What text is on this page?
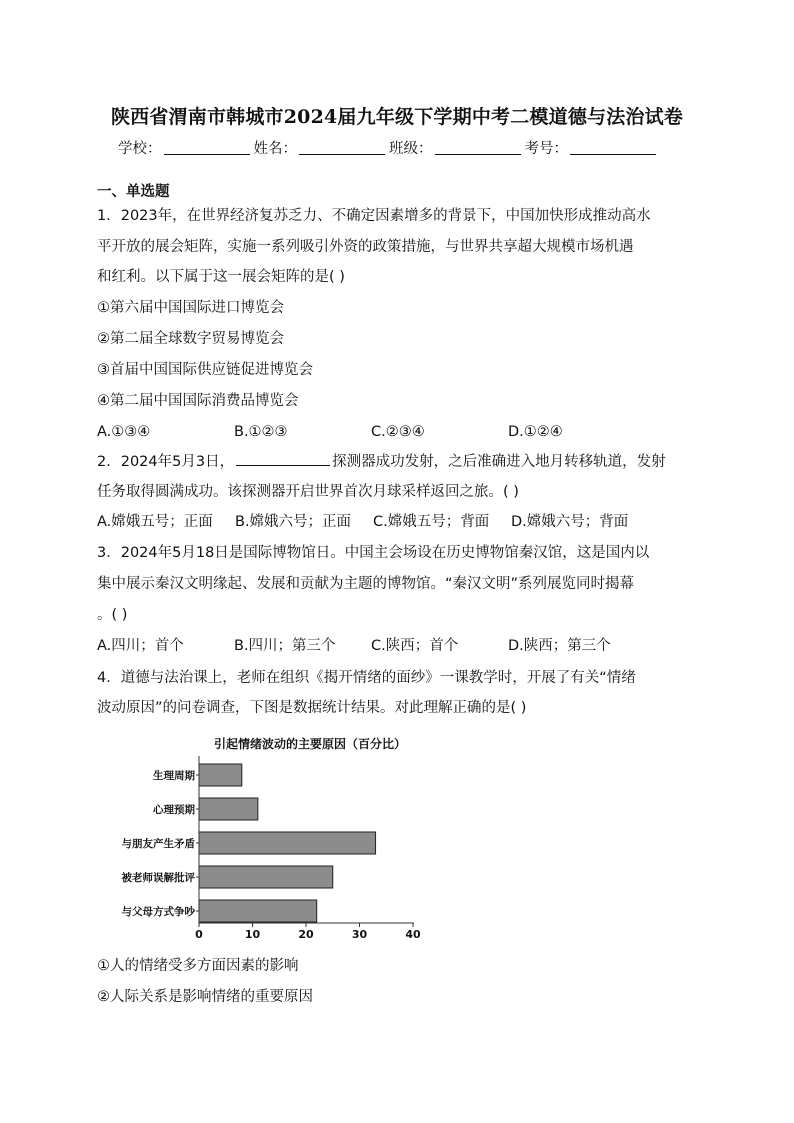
陕西省渭南市韩城市2024届九年级下学期中考二模道德与法治试卷
学校：	姓名：	班级：	考号：
一、单选题
1．2023年，在世界经济复苏乏力、不确定因素增多的背景下，中国加快形成推动高水
平开放的展会矩阵，实施一系列吸引外资的政策措施，与世界共享超大规模市场机遇
和红利。以下属于这一展会矩阵的是( )
①第六届中国国际进口博览会
②第二届全球数字贸易博览会
③首届中国国际供应链促进博览会
④第二届中国国际消费品博览会
A.①③④	B.①②③	C.②③④	D.①②④
2．2024年5月3日，	探测器成功发射，之后准确进入地月转移轨道，发射
任务取得圆满成功。该探测器开启世界首次月球采样返回之旅。( )
A.嫦娥五号；正面 B.嫦娥六号；正面 C.嫦娥五号；背面 D.嫦娥六号；背面
3．2024年5月18日是国际博物馆日。中国主会场设在历史博物馆秦汉馆，这是国内以
集中展示秦汉文明缘起、发展和贡献为主题的博物馆。“秦汉文明”系列展览同时揭幕
。( )
A.四川；首个	B.四川；第三个 C.陕西；首个	D.陕西；第三个
4．道德与法治课上，老师在组织《揭开情绪的面纱》一课教学时，开展了有关“情绪
波动原因”的问卷调查，下图是数据统计结果。对此理解正确的是( )
引起情绪波动的主要原因（百分比）
生理周期
心理预期
与朋友产生矛盾
被老师误解批评
与父母方式争吵
0	10	20	30	40
①人的情绪受多方面因素的影响
②人际关系是影响情绪的重要原因
